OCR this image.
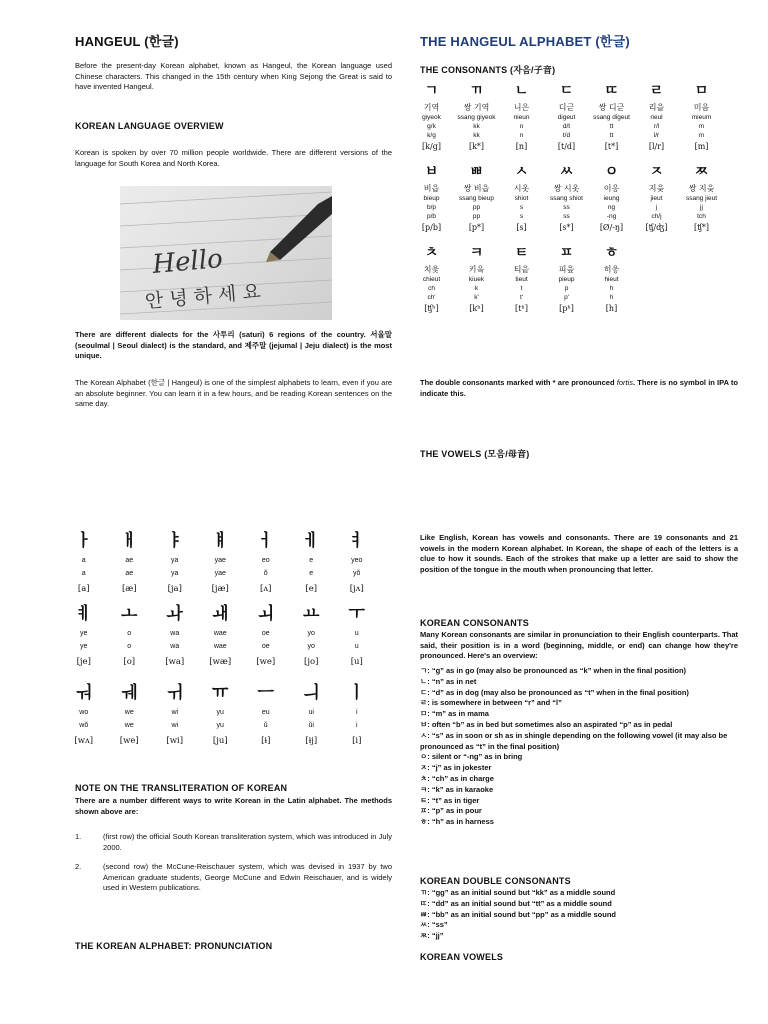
HANGEUL (한글)

Before the present-day Korean alphabet, known as Hangeul, the Korean language used Chinese characters. This changed in the 15th century when King Sejong the Great is said to have invented Hangeul.

KOREAN LANGUAGE OVERVIEW

Korean is spoken by over 70 million people worldwide. There are different versions of the language for South Korea and North Korea.

Hello
안 녕 하 세 요

There are different dialects for the 사투리 (saturi) 6 regions of the country. 서울말 (seoulmal | Seoul dialect) is the standard, and 제주말 (jejumal | Jeju dialect) is the most unique.

The Korean Alphabet (한글 | Hangeul) is one of the simplest alphabets to learn, even if you are an absolute beginner. You can learn it in a few hours, and be reading Korean sentences on the same day.

ㅏ
a
a
[a]
ㅐ
ae
ae
[æ]
ㅑ
ya
ya
[ja]
ㅒ
yae
yae
[jæ]
ㅓ
eo
ŏ
[ʌ]
ㅔ
e
e
[e]
ㅕ
yeo
yŏ
[jʌ]
ㅖ
ye
ye
[je]
ㅗ
o
o
[o]
ㅘ
wa
wa
[wa]
ㅙ
wae
wae
[wæ]
ㅚ
oe
oe
[we]
ㅛ
yo
yo
[jo]
ㅜ
u
u
[u]
ㅝ
wo
wŏ
[wʌ]
ㅞ
we
we
[we]
ㅟ
wi
wi
[wi]
ㅠ
yu
yu
[ju]
ㅡ
eu
ŭ
[ɨ]
ㅢ
ui
ŭi
[ɨj]
ㅣ
i
i
[i]
NOTE ON THE TRANSLITERATION OF KOREAN

There are a number different ways to write Korean in the Latin alphabet. The methods shown above are:

1.	(first row) the official South Korean transliteration system, which was introduced in July 2000.
2.	(second row) the McCune-Reischauer system, which was devised in 1937 by two American graduate students, George McCune and Edwin Reischauer, and is widely used in Western publications.
THE KOREAN ALPHABET: PRONUNCIATION
THE HANGEUL ALPHABET (한글)
THE CONSONANTS (자음/子音)
ㄱ
기역
giyeok
g/k
k/g
[k/g]
ㄲ
쌍 기역
ssang giyeok
kk
kk
[k*]
ㄴ
니은
nieun
n
n
[n]
ㄷ
디귿
digeut
d/t
t/d
[t/d]
ㄸ
쌍 디귿
ssang digeut
tt
tt
[t*]
ㄹ
리을
rieul
r/l
l/r
[l/r]
ㅁ
미음
mieum
m
m
[m]
ㅂ
비읍
bieup
b/p
p/b
[p/b]
ㅃ
쌍 비읍
ssang bieup
pp
pp
[p*]
ㅅ
시옷
shiot
s
s
[s]
ㅆ
쌍 시옷
ssang shiot
ss
ss
[s*]
ㅇ
이응
ieung
ng
-ng
[Ø/-ŋ]
ㅈ
지읒
jieut
j
ch/j
[ʧ/ʤ]
ㅉ
쌍 지읒
ssang jieut
jj
tch
[ʧ*]
ㅊ
치읓
chieut
ch
ch'
[ʧʰ]
ㅋ
키읔
kiuek
k
k'
[kʰ]
ㅌ
티읕
tieut
t
t'
[tʰ]
ㅍ
피읖
pieup
p
p'
[pʰ]
ㅎ
히읗
hieut
h
h
[h]

The double consonants marked with * are pronounced fortis. There is no symbol in IPA to indicate this.

THE VOWELS (모음/母音)

Like English, Korean has vowels and consonants. There are 19 consonants and 21 vowels in the modern Korean alphabet. In Korean, the shape of each of the letters is a clue to how it sounds. Each of the strokes that make up a letter are said to show the position of the tongue in the mouth when pronouncing that letter.

KOREAN CONSONANTS

Many Korean consonants are similar in pronunciation to their English counterparts. That said, their position is in a word (beginning, middle, or end) can change how they're pronounced. Here's an overview:

ㄱ: “g” as in go (may also be pronounced as “k” when in the final position)

ㄴ: “n” as in net

ㄷ: “d” as in dog (may also be pronounced as “t” when in the final position)

ㄹ: is somewhere in between “r” and “l”

ㅁ: “m” as in mama

ㅂ: often “b” as in bed but sometimes also an aspirated “p” as in pedal

ㅅ: “s” as in soon or sh as in shingle depending on the following vowel (it may also be pronounced as “t” in the final position)

ㅇ: silent or “-ng” as in bring

ㅈ: “j” as in jokester

ㅊ: “ch” as in charge

ㅋ: “k” as in karaoke

ㅌ: “t” as in tiger

ㅍ: “p” as in pour

ㅎ: “h” as in harness

KOREAN DOUBLE CONSONANTS

ㄲ: “gg” as an initial sound but “kk” as a middle sound

ㄸ: “dd” as an initial sound but “tt” as a middle sound

ㅃ: “bb” as an initial sound but “pp” as a middle sound

ㅆ: “ss”

ㅉ: “jj”

KOREAN VOWELS
